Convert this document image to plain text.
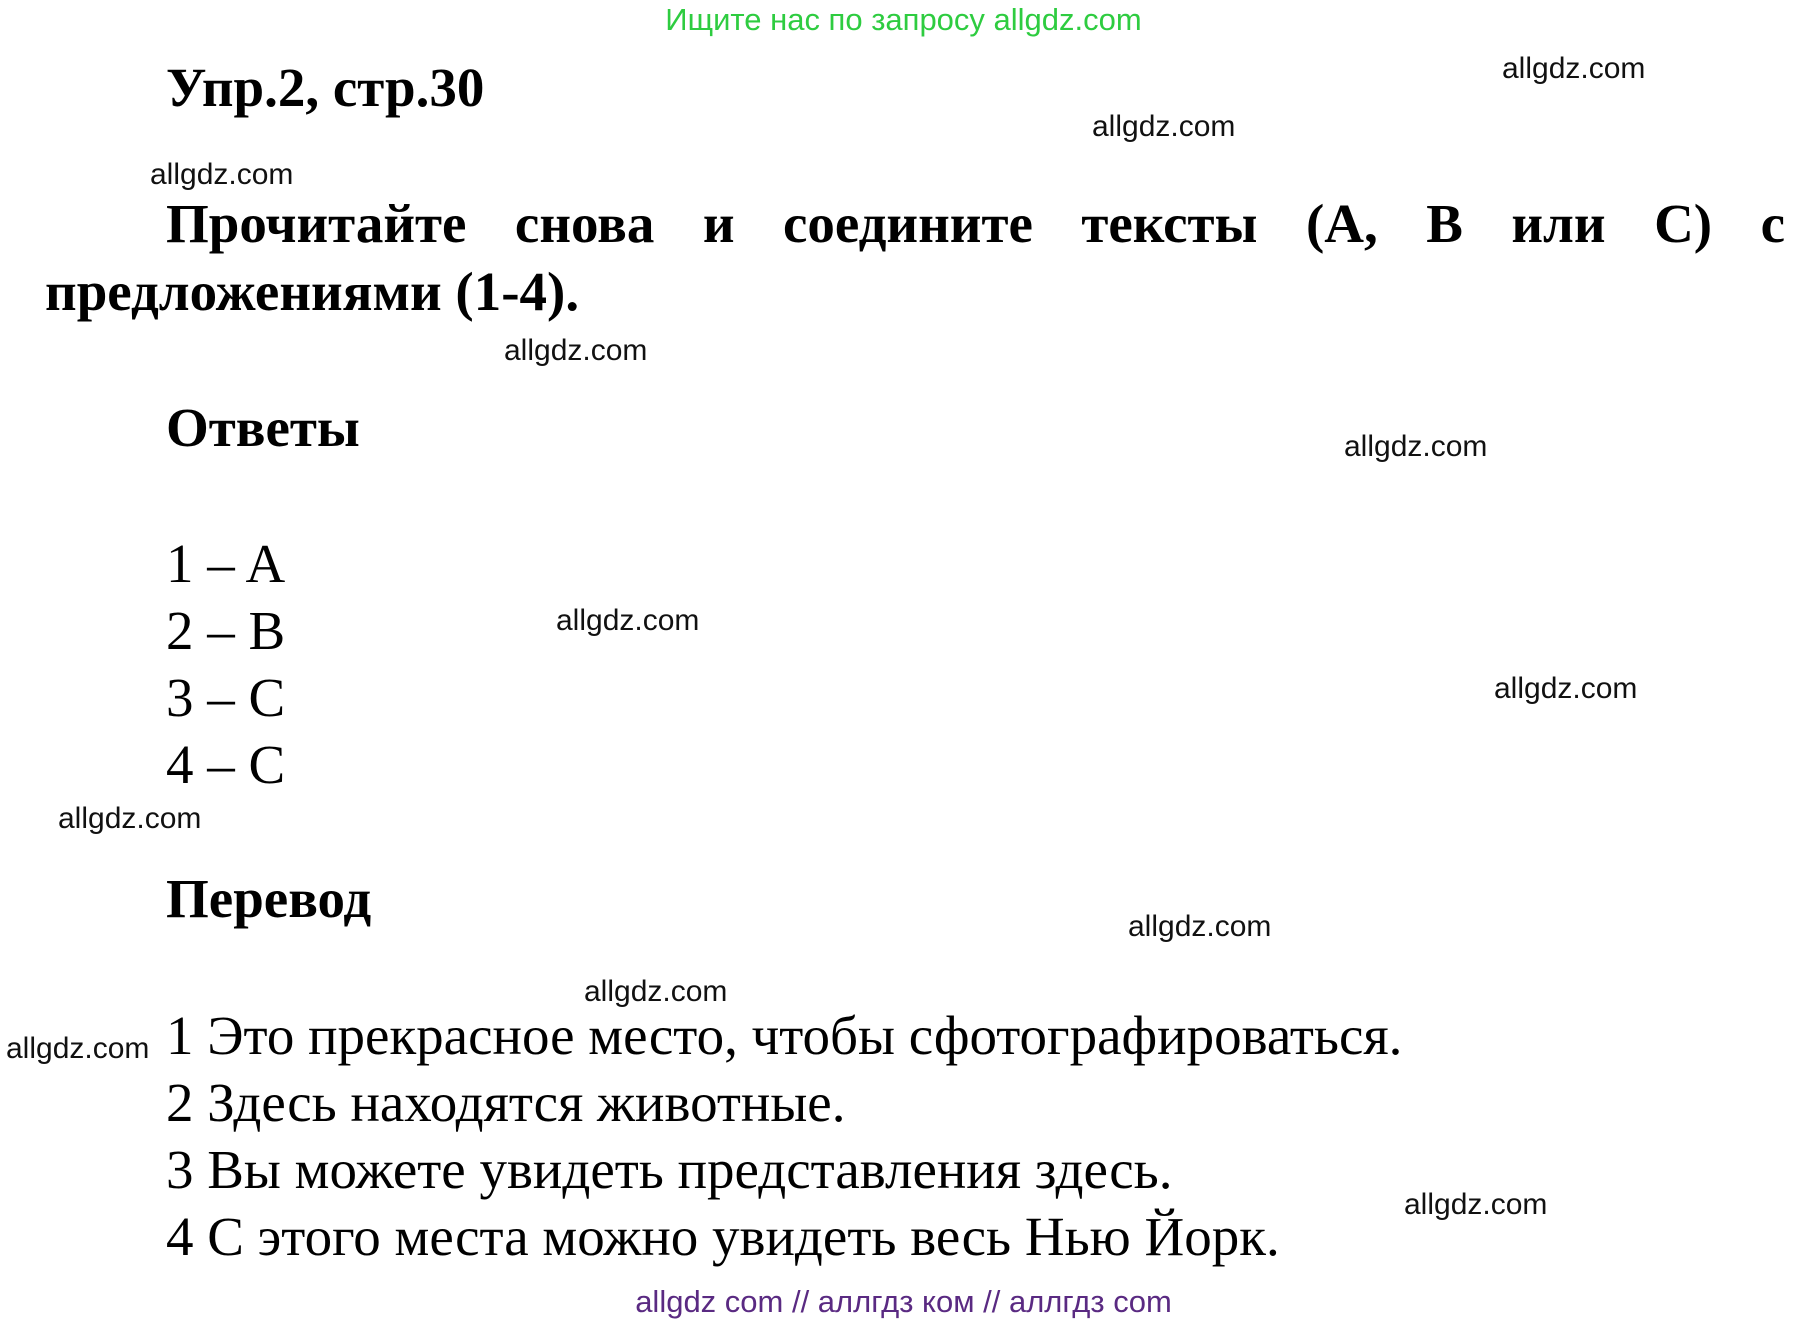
Ищите нас по запросу allgdz.com
Упр.2, стр.30
Прочитайте снова и соедините тексты (A, B или C) с
предложениями (1-4).
Ответы
1 – A
2 – B
3 – C
4 – C
Перевод
1 Это прекрасное место, чтобы сфотографироваться.
2 Здесь находятся животные.
3 Вы можете увидеть представления здесь.
4 С этого места можно увидеть весь Нью Йорк.
allgdz.com
allgdz.com
allgdz.com
allgdz.com
allgdz.com
allgdz.com
allgdz.com
allgdz.com
allgdz.com
allgdz.com
allgdz.com
allgdz.com
allgdz com // аллгдз ком // аллгдз com
